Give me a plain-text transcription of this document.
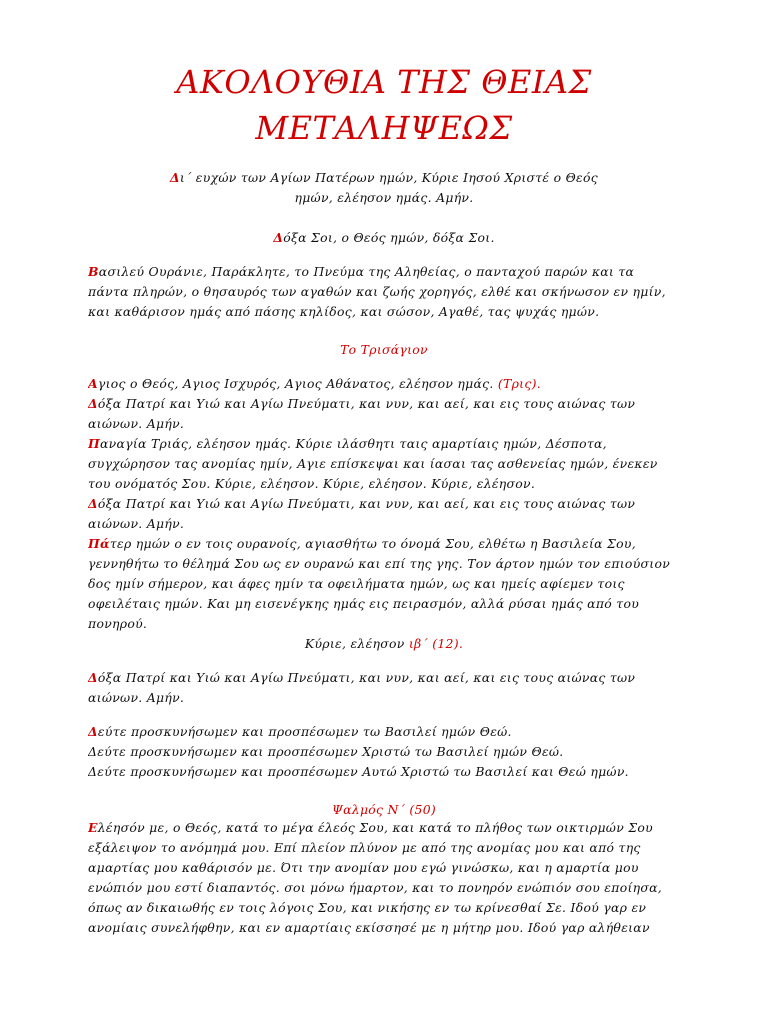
ΑΚΟΛΟΥΘΙΑ ΤΗΣ ΘΕΙΑΣ
ΜΕΤΑΛΗΨΕΩΣ
Δι΄ ευχών των Αγίων Πατέρων ημών, Κύριε Ιησού Χριστέ ο Θεός
ημών, ελέησον ημάς. Αμήν.
Δόξα Σοι, ο Θεός ημών, δόξα Σοι.
Βασιλεύ Ουράνιε, Παράκλητε, το Πνεύμα της Αληθείας, ο πανταχού παρών και τα
πάντα πληρών, ο θησαυρός των αγαθών και ζωής χορηγός, ελθέ και σκήνωσον εν ημίν,
και καθάρισον ημάς από πάσης κηλίδος, και σώσον, Αγαθέ, τας ψυχάς ημών.
Το Τρισάγιον
Αγιος ο Θεός, Αγιος Ισχυρός, Αγιος Αθάνατος, ελέησον ημάς. (Τρις).
Δόξα Πατρί και Υιώ και Αγίω Πνεύματι, και νυν, και αεί, και εις τους αιώνας των
αιώνων. Αμήν.
Παναγία Τριάς, ελέησον ημάς. Κύριε ιλάσθητι ταις αμαρτίαις ημών, Δέσποτα,
συγχώρησον τας ανομίας ημίν, Αγιε επίσκεψαι και ίασαι τας ασθενείας ημών, ένεκεν
του ονόματός Σου. Κύριε, ελέησον. Κύριε, ελέησον. Κύριε, ελέησον.
Δόξα Πατρί και Υιώ και Αγίω Πνεύματι, και νυν, και αεί, και εις τους αιώνας των
αιώνων. Αμήν.
Πάτερ ημών ο εν τοις ουρανοίς, αγιασθήτω το όνομά Σου, ελθέτω η Βασιλεία Σου,
γεννηθήτω το θέλημά Σου ως εν ουρανώ και επί της γης. Τον άρτον ημών τον επιούσιον
δος ημίν σήμερον, και άφες ημίν τα οφειλήματα ημών, ως και ημείς αφίεμεν τοις
οφειλέταις ημών. Και μη εισενέγκης ημάς εις πειρασμόν, αλλά ρύσαι ημάς από του
πονηρού.
Κύριε, ελέησον ιβ΄ (12).
Δόξα Πατρί και Υιώ και Αγίω Πνεύματι, και νυν, και αεί, και εις τους αιώνας των
αιώνων. Αμήν.
Δεύτε προσκυνήσωμεν και προσπέσωμεν τω Βασιλεί ημών Θεώ.
Δεύτε προσκυνήσωμεν και προσπέσωμεν Χριστώ τω Βασιλεί ημών Θεώ.
Δεύτε προσκυνήσωμεν και προσπέσωμεν Αυτώ Χριστώ τω Βασιλεί και Θεώ ημών.
Ψαλμός Ν΄ (50)
Ελέησόν με, ο Θεός, κατά το μέγα έλεός Σου, και κατά το πλήθος των οικτιρμών Σου
εξάλειψον το ανόμημά μου. Επί πλείον πλύνον με από της ανομίας μου και από της
αμαρτίας μου καθάρισόν με. Ότι την ανομίαν μου εγώ γινώσκω, και η αμαρτία μου
ενώπιόν μου εστί διαπαντός. σοι μόνω ήμαρτον, και το πονηρόν ενώπιόν σου εποίησα,
όπως αν δικαιωθής εν τοις λόγοις Σου, και νικήσης εν τω κρίνεσθαί Σε. Ιδού γαρ εν
ανομίαις συνελήφθην, και εν αμαρτίαις εκίσσησέ με η μήτηρ μου. Ιδού γαρ αλήθειαν
